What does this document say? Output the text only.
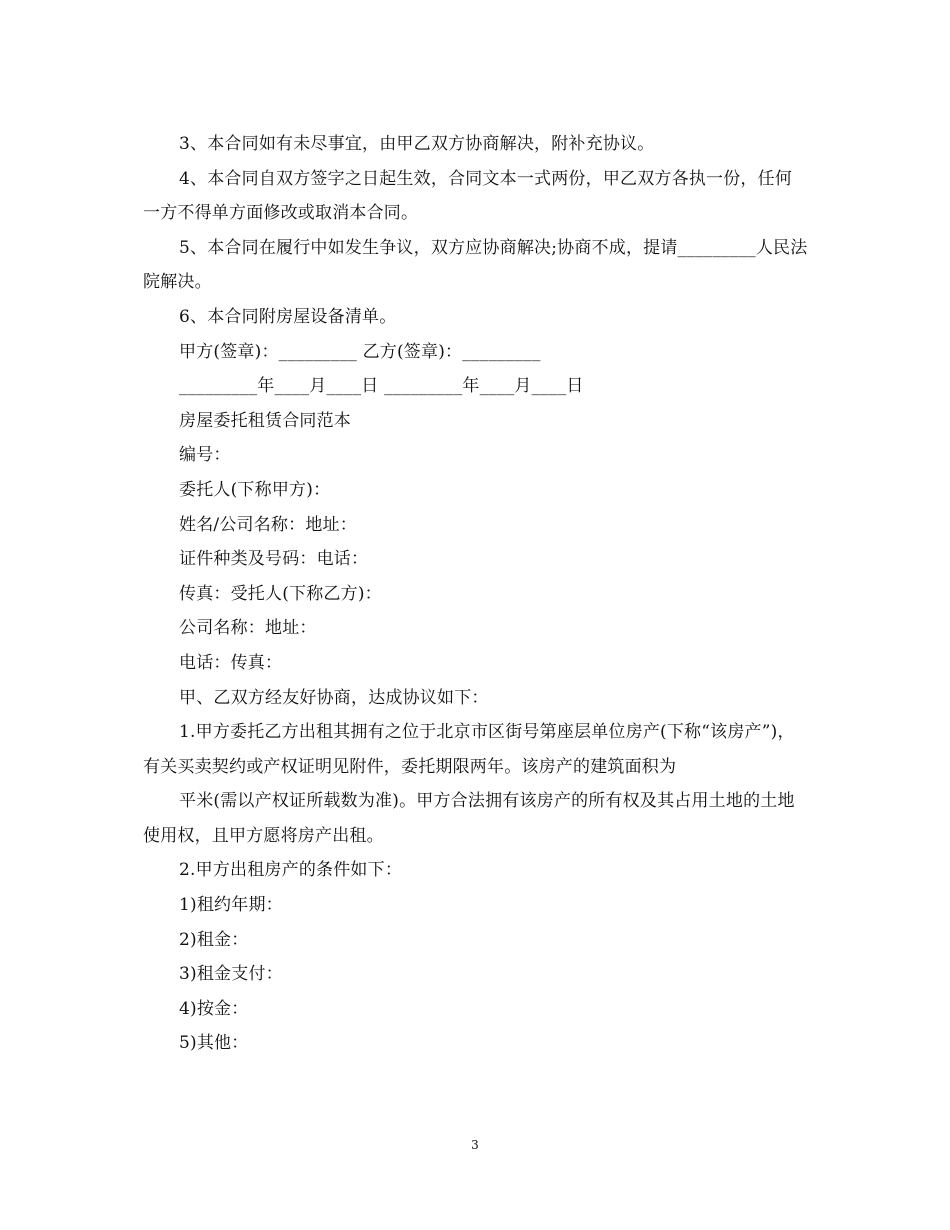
3、本合同如有未尽事宜，由甲乙双方协商解决，附补充协议。

4、本合同自双方签字之日起生效，合同文本一式两份，甲乙双方各执一份，任何一方不得单方面修改或取消本合同。

5、本合同在履行中如发生争议，双方应协商解决;协商不成，提请_________人民法院解决。

6、本合同附房屋设备清单。

甲方(签章)：_________ 乙方(签章)：_________

_________年____月____日 _________年____月____日

房屋委托租赁合同范本

编号：

委托人(下称甲方)：

姓名/公司名称：地址：

证件种类及号码：电话：

传真：受托人(下称乙方)：

公司名称：地址：

电话：传真：

甲、乙双方经友好协商，达成协议如下：

1.甲方委托乙方出租其拥有之位于北京市区街号第座层单位房产(下称“该房产”)，有关买卖契约或产权证明见附件，委托期限两年。该房产的建筑面积为

平米(需以产权证所载数为准)。甲方合法拥有该房产的所有权及其占用土地的土地使用权，且甲方愿将房产出租。

2.甲方出租房产的条件如下：

1)租约年期：

2)租金：

3)租金支付：

4)按金：

5)其他：

3
